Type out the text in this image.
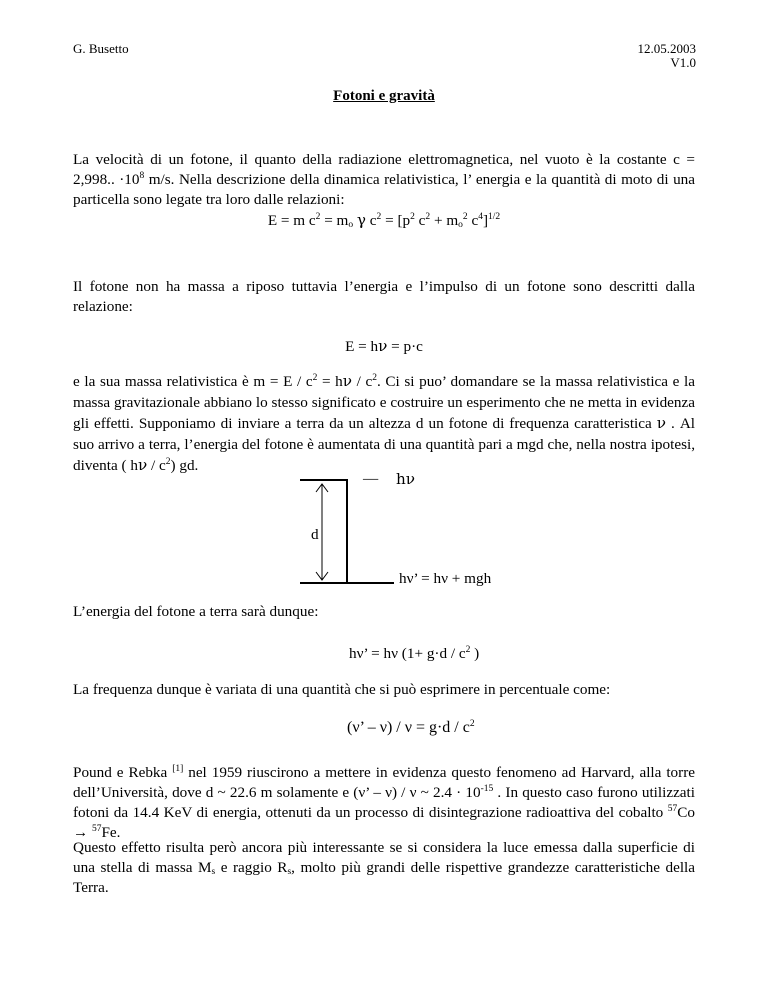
G. Busetto	12.05.2003
V1.0
Fotoni e gravità
La velocità di un fotone, il quanto della radiazione elettromagnetica, nel vuoto è la costante c = 2,998.. $\cdot 10^8$ m/s. Nella descrizione della dinamica relativistica, l’ energia e la quantità di moto di una particella sono legate tra loro dalle relazioni:
E = m $c^2 = m_o$ γ $c^2 = [p^2$ $c^2 + m_o^2$ $c^4]^{1/2}$
Il fotone non ha massa a riposo tuttavia l’energia e l’impulso di un fotone sono descritti dalla relazione:
E = hν = p·c
e la sua massa relativistica è $m = E / c^2 = h\nu / c^2$. Ci si puo’ domandare se la massa relativistica e la massa gravitazionale abbiano lo stesso significato e costruire un esperimento che ne metta in evidenza gli effetti. Supponiamo di inviare a terra da un altezza d un fotone di frequenza caratteristica ν . Al suo arrivo a terra, l’energia del fotone è aumentata di una quantità pari a mgd che, nella nostra ipotesi, diventa ( hν / $c^2$) gd.
— hν
d
hν’ = hν + mgh
L’energia del fotone a terra sarà dunque:
hν’ = hν ($1+ g\cdot d / c^2$ )
La frequenza dunque è variata di una quantità che si può esprimere in percentuale come:
(ν’ – $\nu) / \nu = g\cdot d / c^2$
Pound e Rebka [1] nel 1959 riuscirono a mettere in evidenza questo fenomeno ad Harvard, alla torre dell’Università, dove d ~ 22.6 m solamente e (ν’ – ν) / ν ~ $2.4 \cdot 10^{-15}$ . In questo caso furono utilizzati fotoni da 14.4 KeV di energia, ottenuti da un processo di disintegrazione radioattiva del cobalto $^{57}$Co → $^{57}$Fe.
Questo effetto risulta però ancora più interessante se si considera la luce emessa dalla superficie di una stella di massa $M_s$ e raggio $R_s$, molto più grandi delle rispettive grandezze caratteristiche della Terra.
